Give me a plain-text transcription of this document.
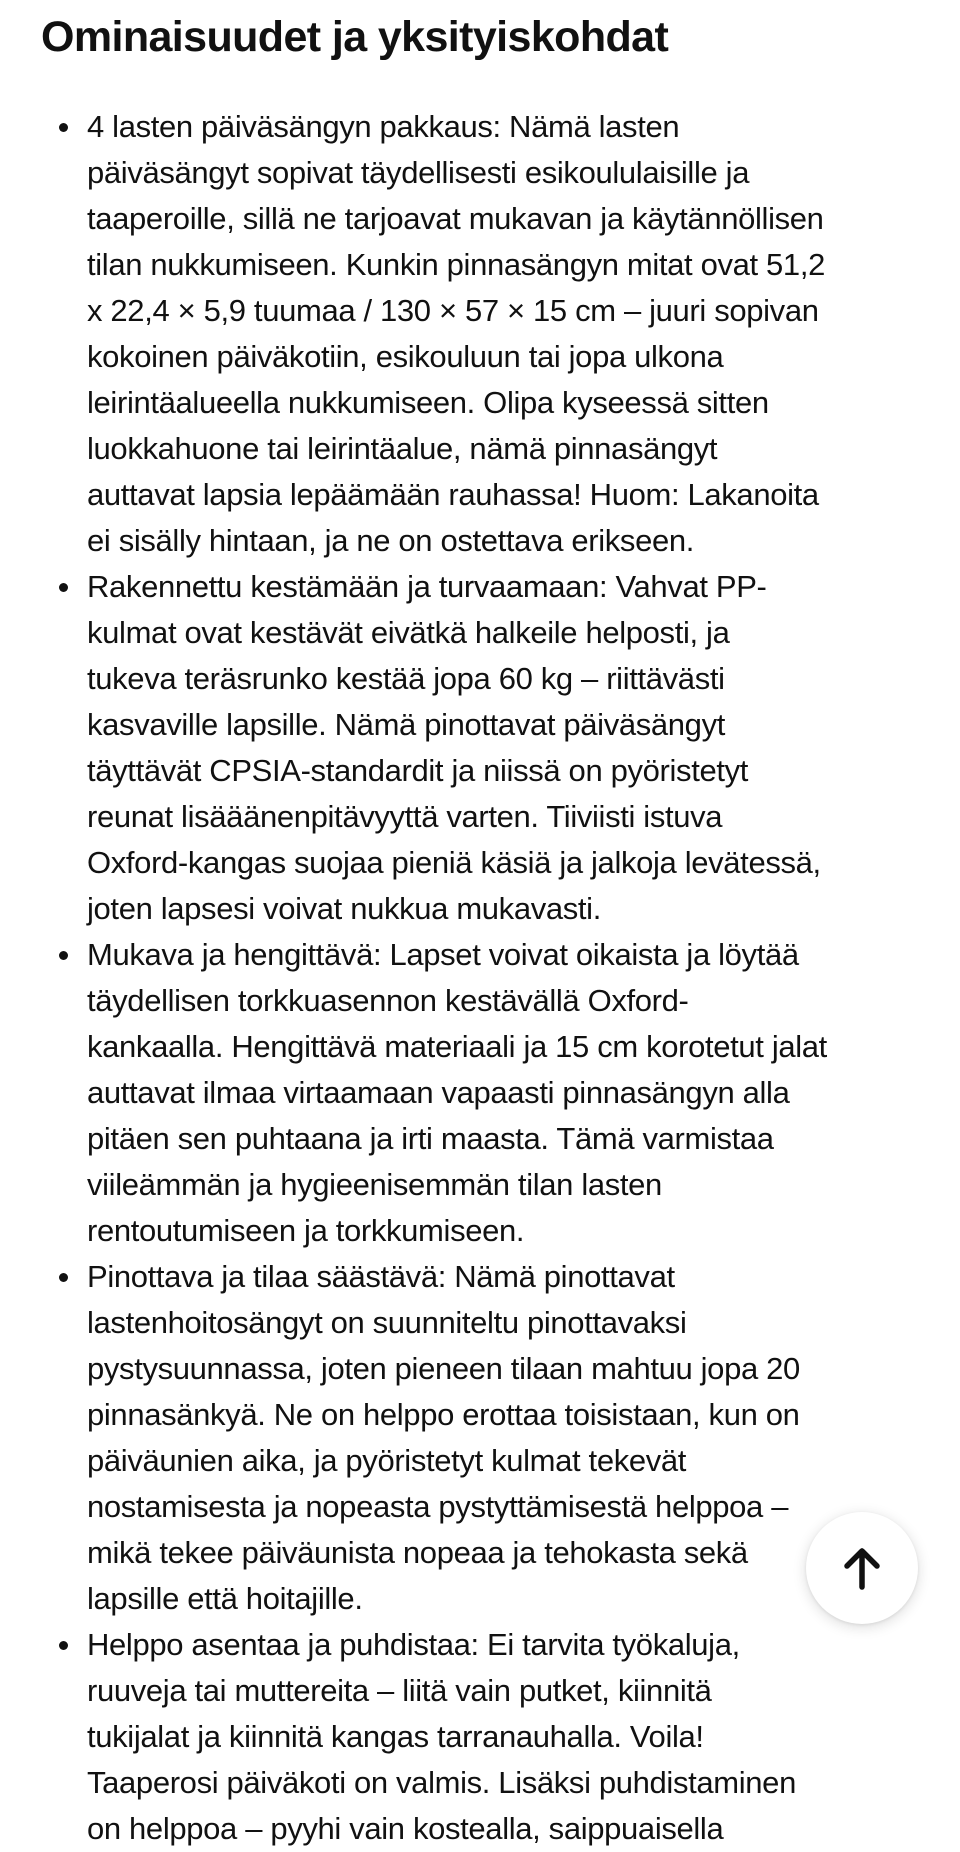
Ominaisuudet ja yksityiskohdat
4 lasten päiväsängyn pakkaus: Nämä lasten
päiväsängyt sopivat täydellisesti esikoululaisille ja
taaperoille, sillä ne tarjoavat mukavan ja käytännöllisen
tilan nukkumiseen. Kunkin pinnasängyn mitat ovat 51,2
x 22,4 × 5,9 tuumaa / 130 × 57 × 15 cm – juuri sopivan
kokoinen päiväkotiin, esikouluun tai jopa ulkona
leirintäalueella nukkumiseen. Olipa kyseessä sitten
luokkahuone tai leirintäalue, nämä pinnasängyt
auttavat lapsia lepäämään rauhassa! Huom: Lakanoita
ei sisälly hintaan, ja ne on ostettava erikseen.
Rakennettu kestämään ja turvaamaan: Vahvat PP-
kulmat ovat kestävät eivätkä halkeile helposti, ja
tukeva teräsrunko kestää jopa 60 kg – riittävästi
kasvaville lapsille. Nämä pinottavat päiväsängyt
täyttävät CPSIA-standardit ja niissä on pyöristetyt
reunat lisääänenpitävyyttä varten. Tiiviisti istuva
Oxford-kangas suojaa pieniä käsiä ja jalkoja levätessä,
joten lapsesi voivat nukkua mukavasti.
Mukava ja hengittävä: Lapset voivat oikaista ja löytää
täydellisen torkkuasennon kestävällä Oxford-
kankaalla. Hengittävä materiaali ja 15 cm korotetut jalat
auttavat ilmaa virtaamaan vapaasti pinnasängyn alla
pitäen sen puhtaana ja irti maasta. Tämä varmistaa
viileämmän ja hygieenisemmän tilan lasten
rentoutumiseen ja torkkumiseen.
Pinottava ja tilaa säästävä: Nämä pinottavat
lastenhoitosängyt on suunniteltu pinottavaksi
pystysuunnassa, joten pieneen tilaan mahtuu jopa 20
pinnasänkyä. Ne on helppo erottaa toisistaan, kun on
päiväunien aika, ja pyöristetyt kulmat tekevät
nostamisesta ja nopeasta pystyttämisestä helppoa –
mikä tekee päiväunista nopeaa ja tehokasta sekä
lapsille että hoitajille.
Helppo asentaa ja puhdistaa: Ei tarvita työkaluja,
ruuveja tai muttereita – liitä vain putket, kiinnitä
tukijalat ja kiinnitä kangas tarranauhalla. Voila!
Taaperosi päiväkoti on valmis. Lisäksi puhdistaminen
on helppoa – pyyhi vain kostealla, saippuaisella
